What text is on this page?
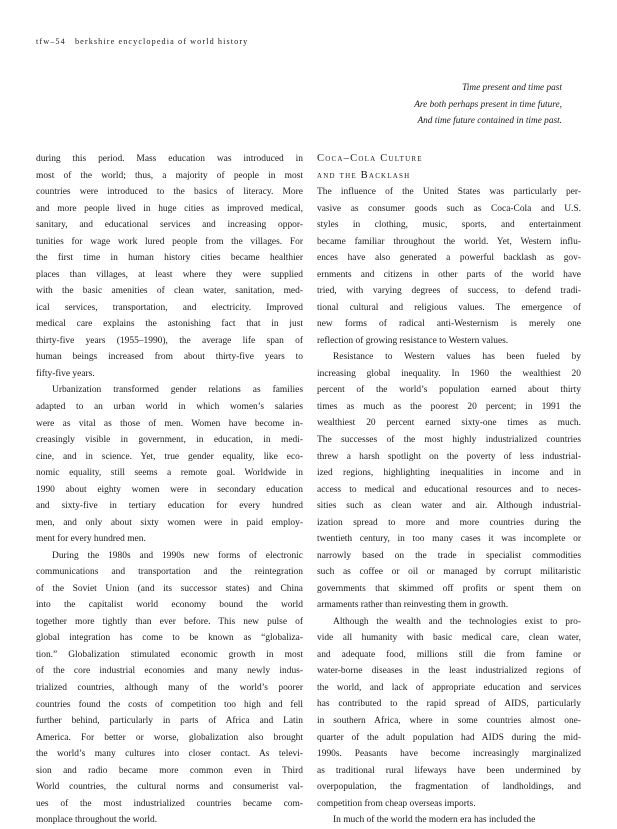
tfw–54 berkshire encyclopedia of world history
Time present and time past
Are both perhaps present in time future,
And time future contained in time past.
during this period. Mass education was introduced in
most of the world; thus, a majority of people in most
countries were introduced to the basics of literacy. More
and more people lived in huge cities as improved medical,
sanitary, and educational services and increasing oppor-
tunities for wage work lured people from the villages. For
the first time in human history cities became healthier
places than villages, at least where they were supplied
with the basic amenities of clean water, sanitation, med-
ical services, transportation, and electricity. Improved
medical care explains the astonishing fact that in just
thirty-five years (1955–1990), the average life span of
human beings increased from about thirty-five years to
fifty-five years.
Urbanization transformed gender relations as families
adapted to an urban world in which women’s salaries
were as vital as those of men. Women have become in-
creasingly visible in government, in education, in medi-
cine, and in science. Yet, true gender equality, like eco-
nomic equality, still seems a remote goal. Worldwide in
1990 about eighty women were in secondary education
and sixty-five in tertiary education for every hundred
men, and only about sixty women were in paid employ-
ment for every hundred men.
During the 1980s and 1990s new forms of electronic
communications and transportation and the reintegration
of the Soviet Union (and its successor states) and China
into the capitalist world economy bound the world
together more tightly than ever before. This new pulse of
global integration has come to be known as “globaliza-
tion.” Globalization stimulated economic growth in most
of the core industrial economies and many newly indus-
trialized countries, although many of the world’s poorer
countries found the costs of competition too high and fell
further behind, particularly in parts of Africa and Latin
America. For better or worse, globalization also brought
the world’s many cultures into closer contact. As televi-
sion and radio became more common even in Third
World countries, the cultural norms and consumerist val-
ues of the most industrialized countries became com-
monplace throughout the world.
Coca–Cola Culture
and the Backlash
The influence of the United States was particularly per-
vasive as consumer goods such as Coca-Cola and U.S.
styles in clothing, music, sports, and entertainment
became familiar throughout the world. Yet, Western influ-
ences have also generated a powerful backlash as gov-
ernments and citizens in other parts of the world have
tried, with varying degrees of success, to defend tradi-
tional cultural and religious values. The emergence of
new forms of radical anti-Westernism is merely one
reflection of growing resistance to Western values.
Resistance to Western values has been fueled by
increasing global inequality. In 1960 the wealthiest 20
percent of the world’s population earned about thirty
times as much as the poorest 20 percent; in 1991 the
wealthiest 20 percent earned sixty-one times as much.
The successes of the most highly industrialized countries
threw a harsh spotlight on the poverty of less industrial-
ized regions, highlighting inequalities in income and in
access to medical and educational resources and to neces-
sities such as clean water and air. Although industrial-
ization spread to more and more countries during the
twentieth century, in too many cases it was incomplete or
narrowly based on the trade in specialist commodities
such as coffee or oil or managed by corrupt militaristic
governments that skimmed off profits or spent them on
armaments rather than reinvesting them in growth.
Although the wealth and the technologies exist to pro-
vide all humanity with basic medical care, clean water,
and adequate food, millions still die from famine or
water-borne diseases in the least industrialized regions of
the world, and lack of appropriate education and services
has contributed to the rapid spread of AIDS, particularly
in southern Africa, where in some countries almost one-
quarter of the adult population had AIDS during the mid-
1990s. Peasants have become increasingly marginalized
as traditional rural lifeways have been undermined by
overpopulation, the fragmentation of landholdings, and
competition from cheap overseas imports.
In much of the world the modern era has included the
